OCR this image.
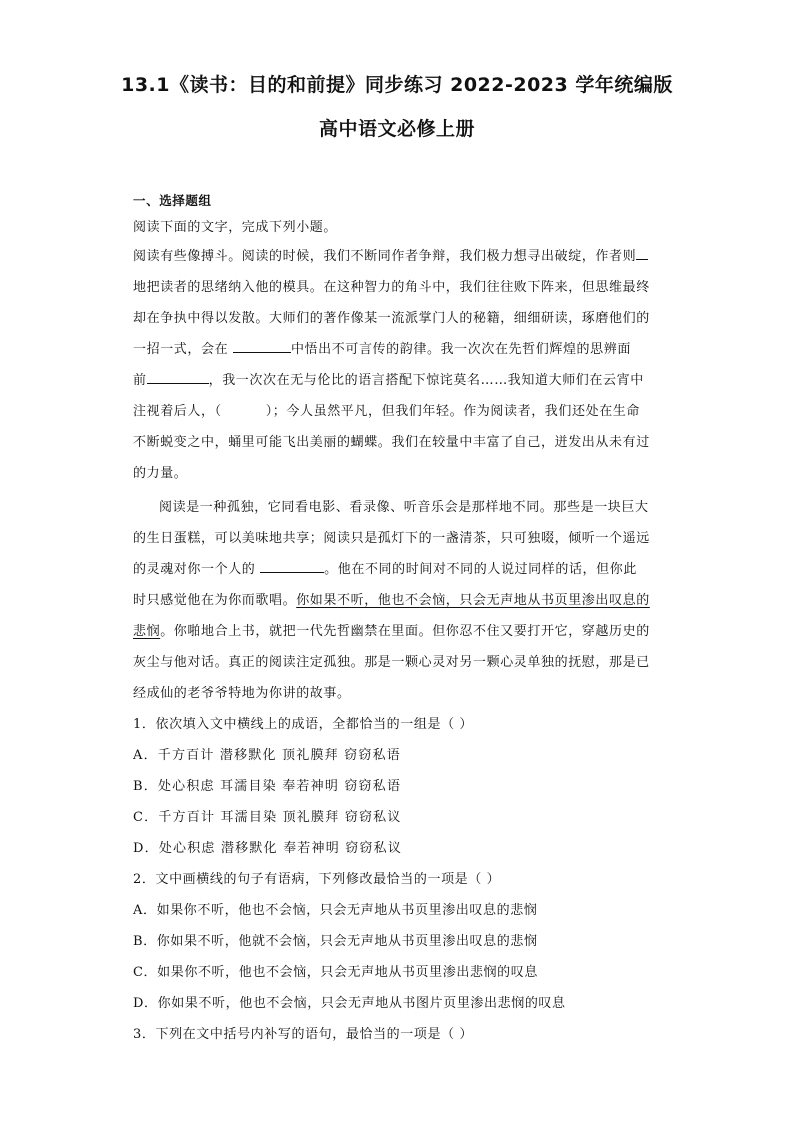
13.1《读书：目的和前提》同步练习 2022-2023 学年统编版
高中语文必修上册
一、选择题组
阅读下面的文字，完成下列小题。
阅读有些像搏斗。阅读的时候，我们不断同作者争辩，我们极力想寻出破绽，作者则
地把读者的思绪纳入他的模具。在这种智力的角斗中，我们往往败下阵来，但思维最终
却在争执中得以发散。大师们的著作像某一流派掌门人的秘籍，细细研读，琢磨他们的
一招一式，会在	中悟出不可言传的韵律。我一次次在先哲们辉煌的思辨面
前	，我一次次在无与伦比的语言搭配下惊诧莫名……我知道大师们在云宵中
注视着后人，（	）；今人虽然平凡，但我们年轻。作为阅读者，我们还处在生命
不断蜕变之中，蛹里可能飞出美丽的蝴蝶。我们在较量中丰富了自己，迸发出从未有过
的力量。
阅读是一种孤独，它同看电影、看录像、听音乐会是那样地不同。那些是一块巨大
的生日蛋糕，可以美味地共享；阅读只是孤灯下的一盏清茶，只可独啜，倾听一个遥远
的灵魂对你一个人的	。他在不同的时间对不同的人说过同样的话，但你此
时只感觉他在为你而歌唱。你如果不听，他也不会恼，只会无声地从书页里渗出叹息的
悲悯。你啪地合上书，就把一代先哲幽禁在里面。但你忍不住又要打开它，穿越历史的
灰尘与他对话。真正的阅读注定孤独。那是一颗心灵对另一颗心灵单独的抚慰，那是已
经成仙的老爷爷特地为你讲的故事。
1．依次填入文中横线上的成语，全都恰当的一组是（ ）
A．千方百计 潜移默化 顶礼膜拜 窃窃私语
B．处心积虑 耳濡目染 奉若神明 窃窃私语
C．千方百计 耳濡目染 顶礼膜拜 窃窃私议
D．处心积虑 潜移默化 奉若神明 窃窃私议
2．文中画横线的句子有语病，下列修改最恰当的一项是（ ）
A．如果你不听，他也不会恼，只会无声地从书页里渗出叹息的悲悯
B．你如果不听，他就不会恼，只会无声地从书页里渗出叹息的悲悯
C．如果你不听，他也不会恼，只会无声地从书页里渗出悲悯的叹息
D．你如果不听，他也不会恼，只会无声地从书图片页里渗出悲悯的叹息
3．下列在文中括号内补写的语句，最恰当的一项是（ ）
